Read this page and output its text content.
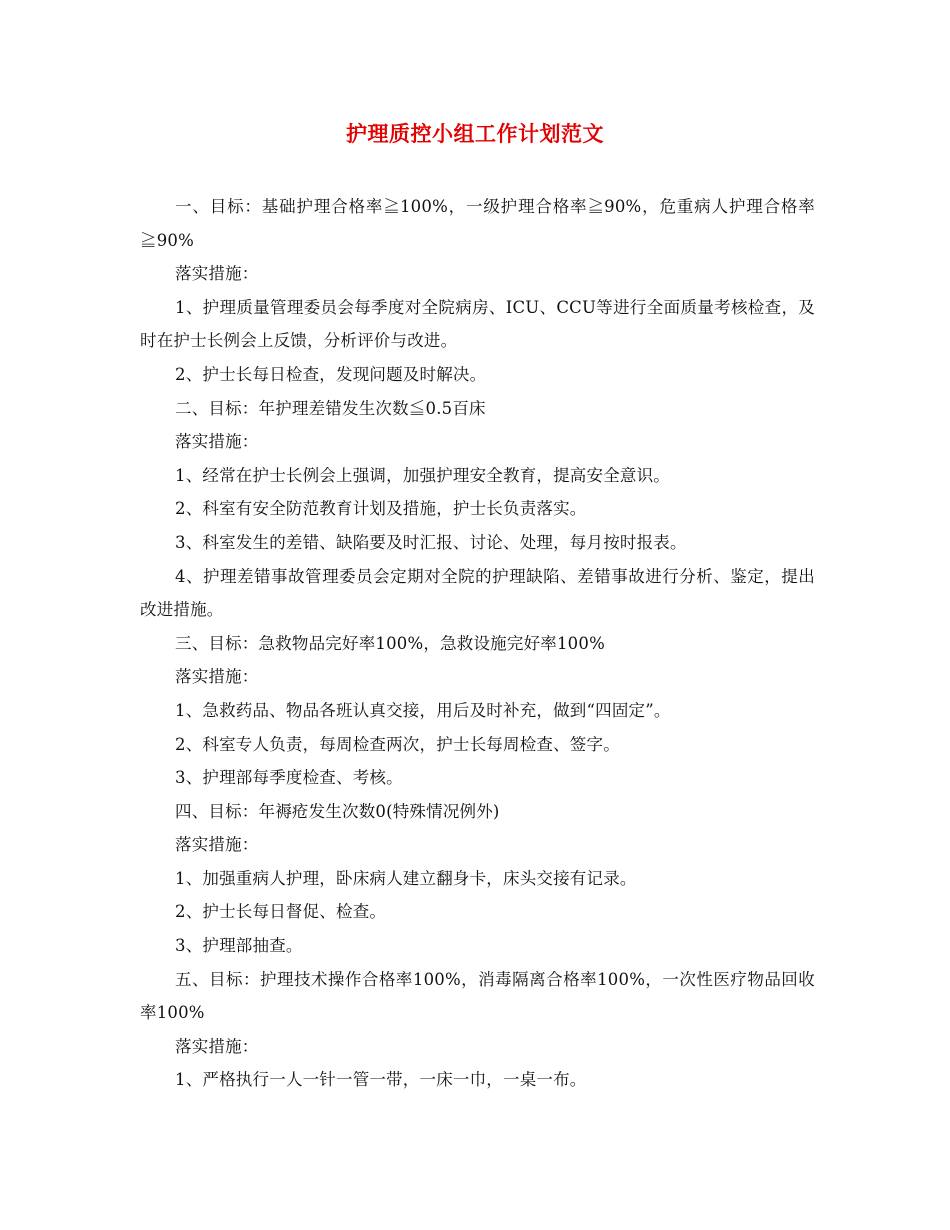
护理质控小组工作计划范文

一、目标：基础护理合格率≧100%，一级护理合格率≧90%，危重病人护理合格率≧90%

落实措施：

1、护理质量管理委员会每季度对全院病房、ICU、CCU等进行全面质量考核检查，及时在护士长例会上反馈，分析评价与改进。

2、护士长每日检查，发现问题及时解决。

二、目标：年护理差错发生次数≦0.5百床

落实措施：

1、经常在护士长例会上强调，加强护理安全教育，提高安全意识。

2、科室有安全防范教育计划及措施，护士长负责落实。

3、科室发生的差错、缺陷要及时汇报、讨论、处理，每月按时报表。

4、护理差错事故管理委员会定期对全院的护理缺陷、差错事故进行分析、鉴定，提出改进措施。

三、目标：急救物品完好率100%，急救设施完好率100%

落实措施：

1、急救药品、物品各班认真交接，用后及时补充，做到“四固定”。

2、科室专人负责，每周检查两次，护士长每周检查、签字。

3、护理部每季度检查、考核。

四、目标：年褥疮发生次数0(特殊情况例外)

落实措施：

1、加强重病人护理，卧床病人建立翻身卡，床头交接有记录。

2、护士长每日督促、检查。

3、护理部抽查。

五、目标：护理技术操作合格率100%，消毒隔离合格率100%，一次性医疗物品回收率100%

落实措施：

1、严格执行一人一针一管一带，一床一巾，一桌一布。
